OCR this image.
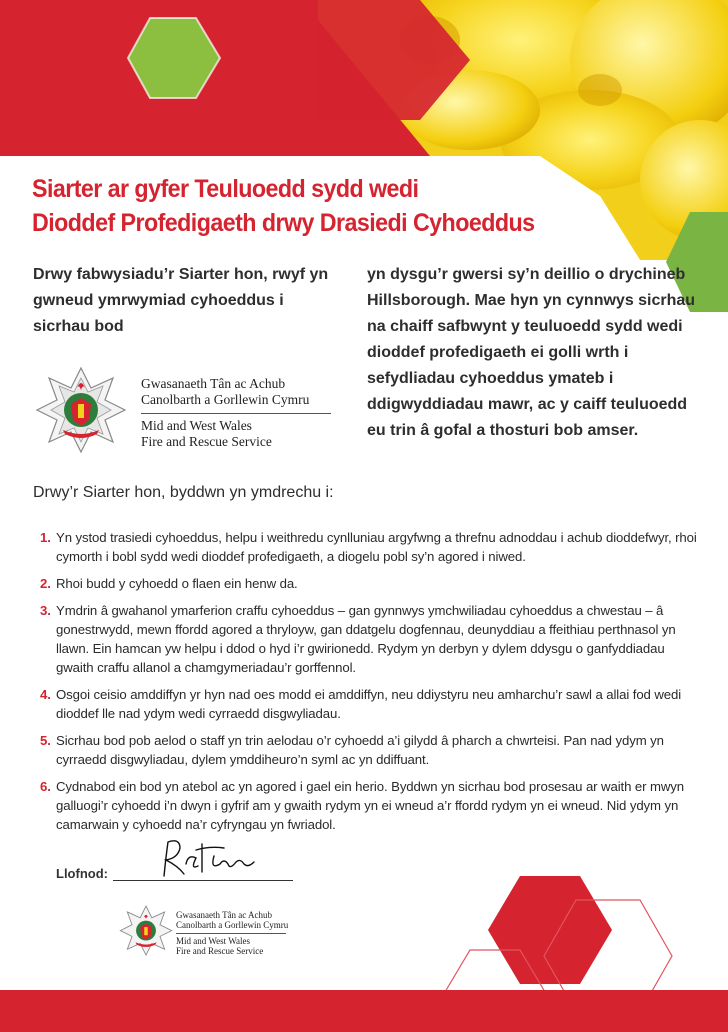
Siarter ar gyfer Teuluoedd sydd wedi
Dioddef Profedigaeth drwy Drasiedi Cyhoeddus

Drwy fabwysiadu’r Siarter hon, rwyf yn gwneud ymrwymiad cyhoeddus i sicrhau bod

yn dysgu’r gwersi sy’n deillio o drychineb Hillsborough. Mae hyn yn cynnwys sicrhau na chaiff safbwynt y teuluoedd sydd wedi dioddef profedigaeth ei golli wrth i sefydliadau cyhoeddus ymateb i ddigwyddiadau mawr, ac y caiff teuluoedd eu trin â gofal a thosturi bob amser.

Gwasanaeth Tân ac Achub
Canolbarth a Gorllewin Cymru
Mid and West Wales
Fire and Rescue Service

Drwy’r Siarter hon, byddwn yn ymdrechu i:

1. Yn ystod trasiedi cyhoeddus, helpu i weithredu cynlluniau argyfwng a threfnu adnoddau i achub dioddefwyr, rhoi cymorth i bobl sydd wedi dioddef profedigaeth, a diogelu pobl sy’n agored i niwed.
2. Rhoi budd y cyhoedd o flaen ein henw da.
3. Ymdrin â gwahanol ymarferion craffu cyhoeddus – gan gynnwys ymchwiliadau cyhoeddus a chwestau – â gonestrwydd, mewn ffordd agored a thryloyw, gan ddatgelu dogfennau, deunyddiau a ffeithiau perthnasol yn llawn. Ein hamcan yw helpu i ddod o hyd i’r gwirionedd. Rydym yn derbyn y dylem ddysgu o ganfyddiadau gwaith craffu allanol a chamgymeriadau’r gorffennol.
4. Osgoi ceisio amddiffyn yr hyn nad oes modd ei amddiffyn, neu ddiystyru neu amharchu’r sawl a allai fod wedi dioddef lle nad ydym wedi cyrraedd disgwyliadau.
5. Sicrhau bod pob aelod o staff yn trin aelodau o’r cyhoedd a’i gilydd â pharch a chwrteisi. Pan nad ydym yn cyrraedd disgwyliadau, dylem ymddiheuro’n syml ac yn ddiffuant.
6. Cydnabod ein bod yn atebol ac yn agored i gael ein herio. Byddwn yn sicrhau bod prosesau ar waith er mwyn galluogi’r cyhoedd i’n dwyn i gyfrif am y gwaith rydym yn ei wneud a’r ffordd rydym yn ei wneud. Nid ydym yn camarwain y cyhoedd na’r cyfryngau yn fwriadol.
Llofnod:
Gwasanaeth Tân ac Achub
Canolbarth a Gorllewin Cymru
Mid and West Wales
Fire and Rescue Service
